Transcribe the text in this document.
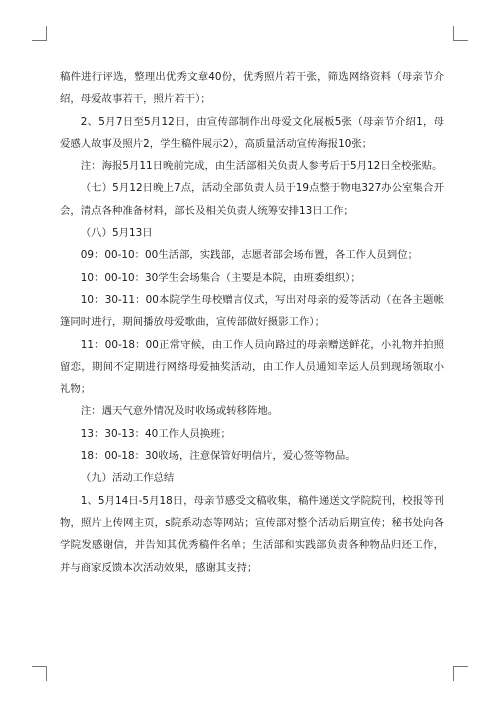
稿件进行评选，整理出优秀文章40份，优秀照片若干张，筛选网络资料（母亲节介绍，母爱故事若干，照片若干）；

2、5月7日至5月12日，由宣传部制作出母爱文化展板5张（母亲节介绍1，母爱感人故事及照片2，学生稿件展示2），高质量活动宣传海报10张；

注：海报5月11日晚前完成，由生活部相关负责人参考后于5月12日全校张贴。

（七）5月12日晚上7点，活动全部负责人员于19点整于物电327办公室集合开会，清点各种准备材料，部长及相关负责人统筹安排13日工作；

（八）5月13日

09：00-10：00生活部，实践部，志愿者部会场布置，各工作人员到位；

10：00-10：30学生会场集合（主要是本院，由班委组织）；

10：30-11：00本院学生母校赠言仪式，写出对母亲的爱等活动（在各主题帐篷同时进行，期间播放母爱歌曲，宣传部做好摄影工作）；

11：00-18：00正常守候，由工作人员向路过的母亲赠送鲜花，小礼物并拍照留恋，期间不定期进行网络母爱抽奖活动，由工作人员通知幸运人员到现场领取小礼物；

注：遇天气意外情况及时收场或转移阵地。

13：30-13：40工作人员换班；

18：00-18：30收场，注意保管好明信片，爱心签等物品。

（九）活动工作总结

1、5月14日-5月18日，母亲节感受文稿收集，稿件递送文学院院刊，校报等刊物，照片上传网主页，s院系动态等网站；宣传部对整个活动后期宣传；秘书处向各学院发感谢信，并告知其优秀稿件名单；生活部和实践部负责各种物品归还工作，并与商家反馈本次活动效果，感谢其支持；
